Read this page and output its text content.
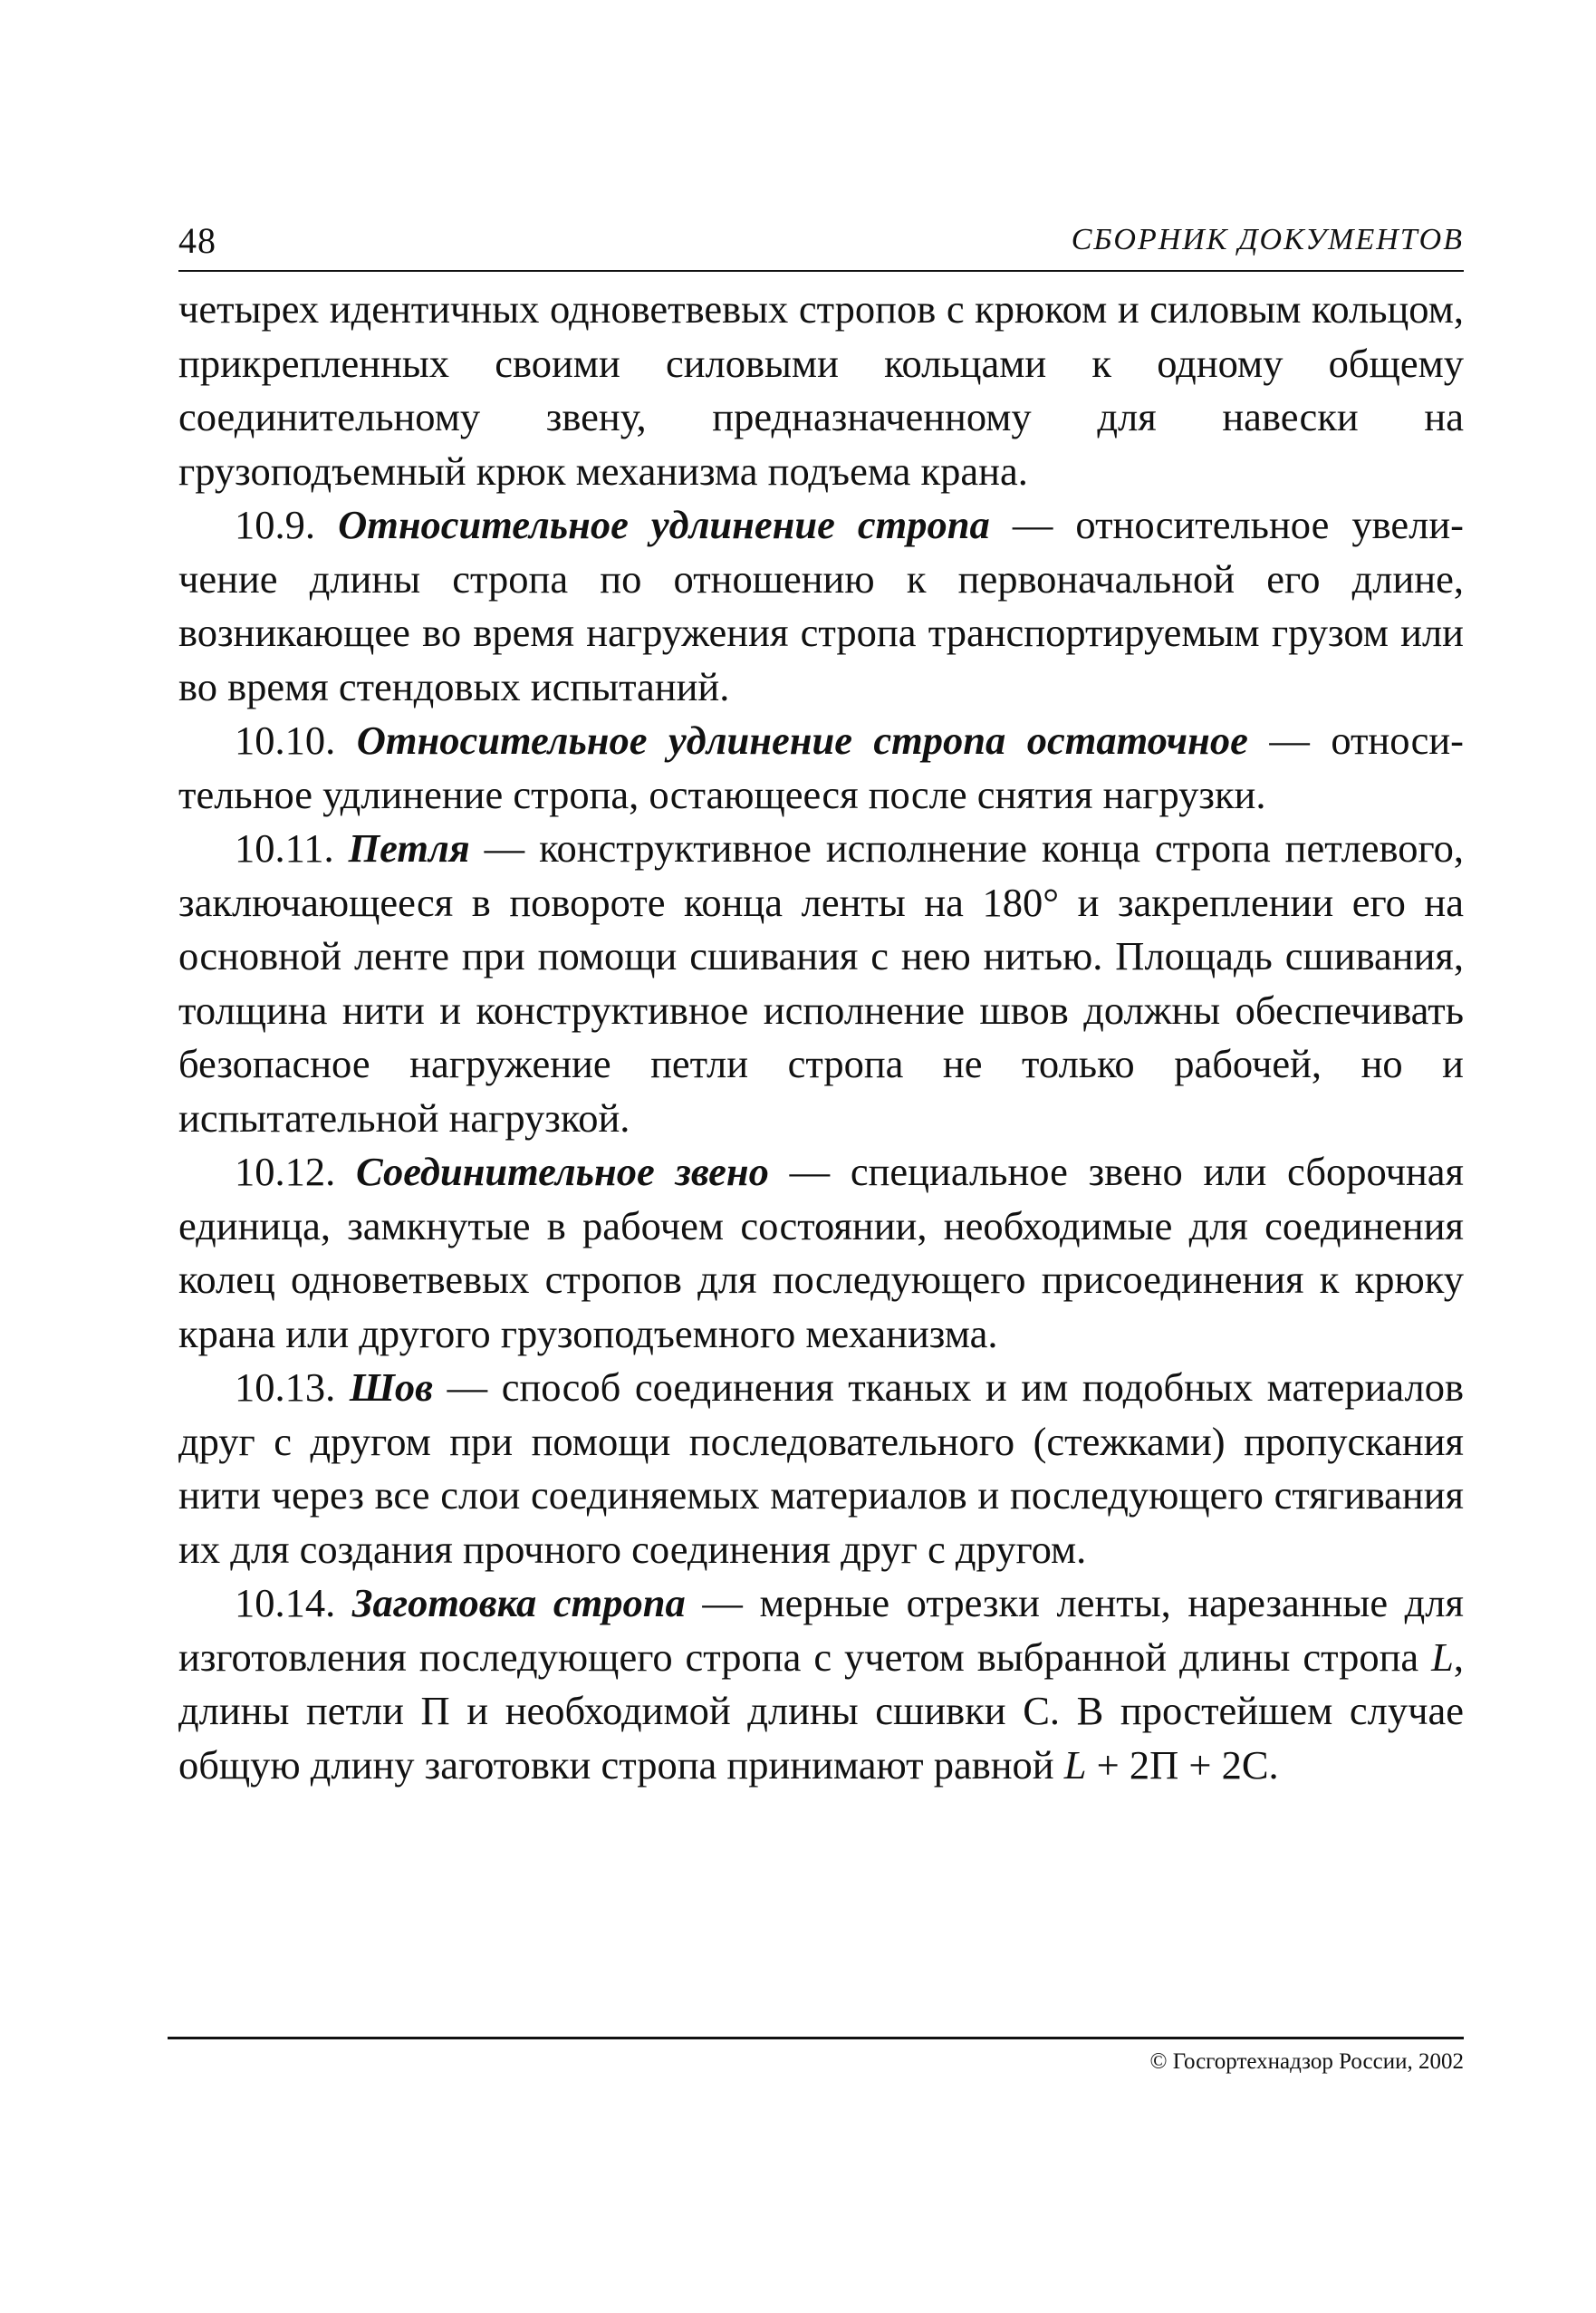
48	СБОРНИК ДОКУМЕНТОВ

четырех идентичных одноветвевых стропов с крюком и силовым кольцом, прикрепленных своими силовыми кольцами к одному общему соединительному звену, предназначенному для навески на грузоподъемный крюк механизма подъема крана.

10.9. Относительное удлинение стропа — относительное увеличение длины стропа по отношению к первоначальной его длине, возникающее во время нагружения стропа транспортируемым грузом или во время стендовых испытаний.

10.10. Относительное удлинение стропа остаточное — относительное удлинение стропа, остающееся после снятия нагрузки.

10.11. Петля — конструктивное исполнение конца стропа петлевого, заключающееся в повороте конца ленты на 180° и закреплении его на основной ленте при помощи сшивания с нею нитью. Площадь сшивания, толщина нити и конструктивное исполнение швов должны обеспечивать безопасное нагружение петли стропа не только рабочей, но и испытательной нагрузкой.

10.12. Соединительное звено — специальное звено или сборочная единица, замкнутые в рабочем состоянии, необходимые для соединения колец одноветвевых стропов для последующего присоединения к крюку крана или другого грузоподъемного механизма.

10.13. Шов — способ соединения тканых и им подобных материалов друг с другом при помощи последовательного (стежками) пропускания нити через все слои соединяемых материалов и последующего стягивания их для создания прочного соединения друг с другом.

10.14. Заготовка стропа — мерные отрезки ленты, нарезанные для изготовления последующего стропа с учетом выбранной длины стропа L, длины петли П и необходимой длины сшивки С. В простейшем случае общую длину заготовки стропа принимают равной L + 2П + 2С.

© Госгортехнадзор России, 2002
